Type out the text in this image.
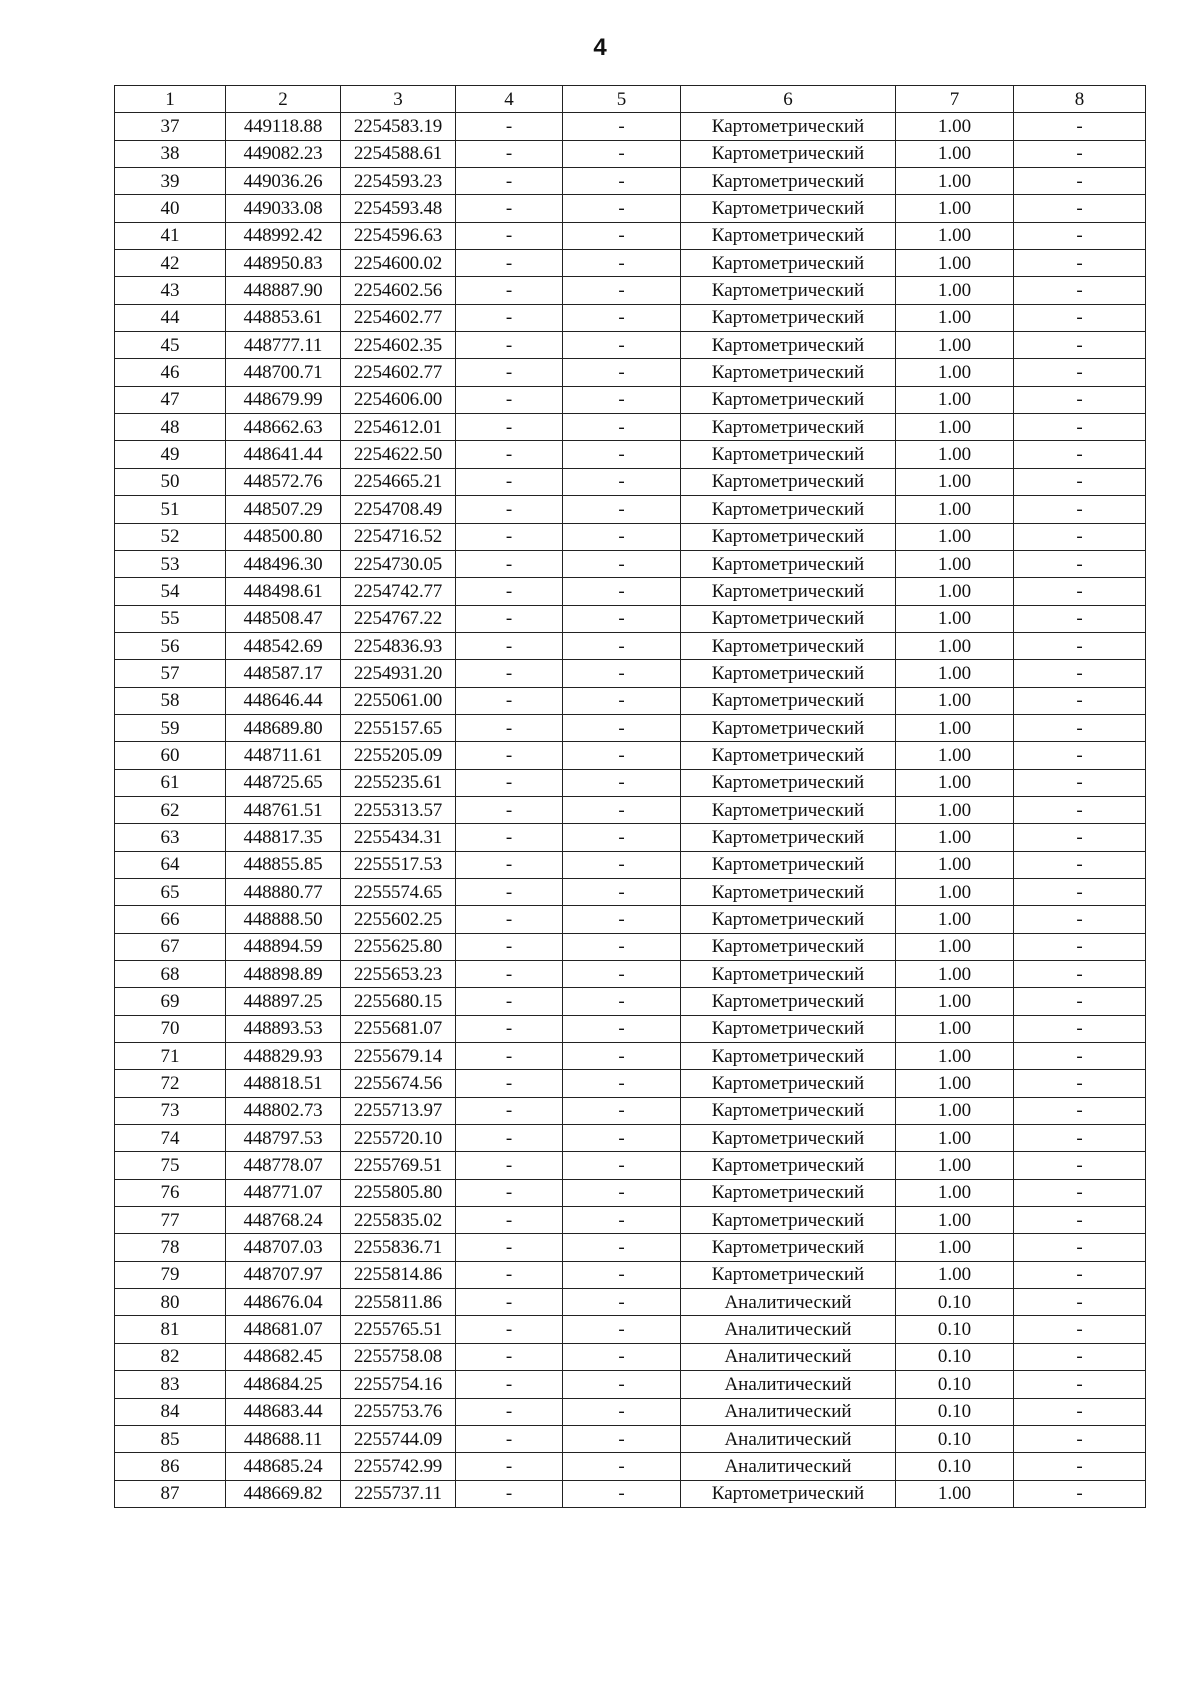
4
1	2	3	4	5	6	7	8
37	449118.88	2254583.19	-	-	Картометрический	1.00	-
38	449082.23	2254588.61	-	-	Картометрический	1.00	-
39	449036.26	2254593.23	-	-	Картометрический	1.00	-
40	449033.08	2254593.48	-	-	Картометрический	1.00	-
41	448992.42	2254596.63	-	-	Картометрический	1.00	-
42	448950.83	2254600.02	-	-	Картометрический	1.00	-
43	448887.90	2254602.56	-	-	Картометрический	1.00	-
44	448853.61	2254602.77	-	-	Картометрический	1.00	-
45	448777.11	2254602.35	-	-	Картометрический	1.00	-
46	448700.71	2254602.77	-	-	Картометрический	1.00	-
47	448679.99	2254606.00	-	-	Картометрический	1.00	-
48	448662.63	2254612.01	-	-	Картометрический	1.00	-
49	448641.44	2254622.50	-	-	Картометрический	1.00	-
50	448572.76	2254665.21	-	-	Картометрический	1.00	-
51	448507.29	2254708.49	-	-	Картометрический	1.00	-
52	448500.80	2254716.52	-	-	Картометрический	1.00	-
53	448496.30	2254730.05	-	-	Картометрический	1.00	-
54	448498.61	2254742.77	-	-	Картометрический	1.00	-
55	448508.47	2254767.22	-	-	Картометрический	1.00	-
56	448542.69	2254836.93	-	-	Картометрический	1.00	-
57	448587.17	2254931.20	-	-	Картометрический	1.00	-
58	448646.44	2255061.00	-	-	Картометрический	1.00	-
59	448689.80	2255157.65	-	-	Картометрический	1.00	-
60	448711.61	2255205.09	-	-	Картометрический	1.00	-
61	448725.65	2255235.61	-	-	Картометрический	1.00	-
62	448761.51	2255313.57	-	-	Картометрический	1.00	-
63	448817.35	2255434.31	-	-	Картометрический	1.00	-
64	448855.85	2255517.53	-	-	Картометрический	1.00	-
65	448880.77	2255574.65	-	-	Картометрический	1.00	-
66	448888.50	2255602.25	-	-	Картометрический	1.00	-
67	448894.59	2255625.80	-	-	Картометрический	1.00	-
68	448898.89	2255653.23	-	-	Картометрический	1.00	-
69	448897.25	2255680.15	-	-	Картометрический	1.00	-
70	448893.53	2255681.07	-	-	Картометрический	1.00	-
71	448829.93	2255679.14	-	-	Картометрический	1.00	-
72	448818.51	2255674.56	-	-	Картометрический	1.00	-
73	448802.73	2255713.97	-	-	Картометрический	1.00	-
74	448797.53	2255720.10	-	-	Картометрический	1.00	-
75	448778.07	2255769.51	-	-	Картометрический	1.00	-
76	448771.07	2255805.80	-	-	Картометрический	1.00	-
77	448768.24	2255835.02	-	-	Картометрический	1.00	-
78	448707.03	2255836.71	-	-	Картометрический	1.00	-
79	448707.97	2255814.86	-	-	Картометрический	1.00	-
80	448676.04	2255811.86	-	-	Аналитический	0.10	-
81	448681.07	2255765.51	-	-	Аналитический	0.10	-
82	448682.45	2255758.08	-	-	Аналитический	0.10	-
83	448684.25	2255754.16	-	-	Аналитический	0.10	-
84	448683.44	2255753.76	-	-	Аналитический	0.10	-
85	448688.11	2255744.09	-	-	Аналитический	0.10	-
86	448685.24	2255742.99	-	-	Аналитический	0.10	-
87	448669.82	2255737.11	-	-	Картометрический	1.00	-
